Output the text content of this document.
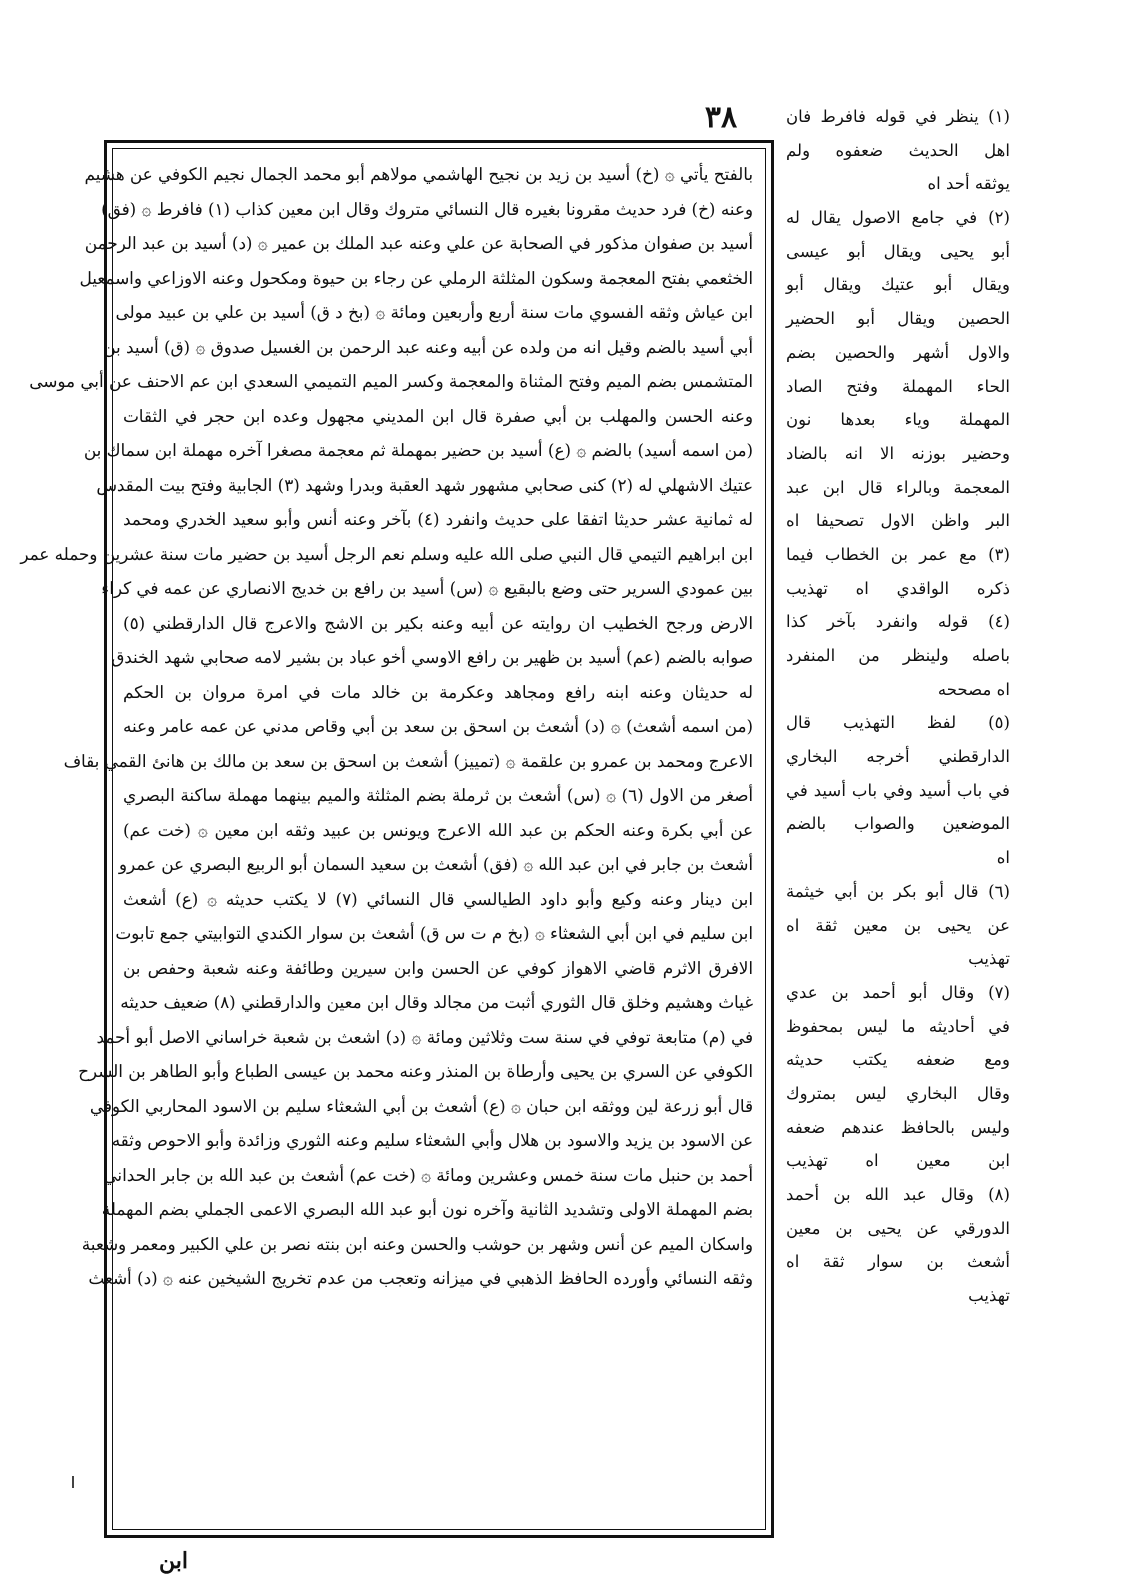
٣٨
بالفتح يأتي ۞ (خ) أسيد بن زيد بن نجيح الهاشمي مولاهم أبو محمد الجمال نجيم الكوفي عن هشيم
وعنه (خ) فرد حديث مقرونا بغيره قال النسائي متروك وقال ابن معين كذاب (١) فافرط ۞ (فق)
أسيد بن صفوان مذكور في الصحابة عن علي وعنه عبد الملك بن عمير ۞ (د) أسيد بن عبد الرحمن
الخثعمي بفتح المعجمة وسكون المثلثة الرملي عن رجاء بن حيوة ومكحول وعنه الاوزاعي واسمعيل
ابن عياش وثقه الفسوي مات سنة أربع وأربعين ومائة ۞ (بخ د ق) أسيد بن علي بن عبيد مولى
أبي أسيد بالضم وقيل انه من ولده عن أبيه وعنه عبد الرحمن بن الغسيل صدوق ۞ (ق) أسيد بن
المتشمس بضم الميم وفتح المثناة والمعجمة وكسر الميم التميمي السعدي ابن عم الاحنف عن أبي موسى
وعنه الحسن والمهلب بن أبي صفرة قال ابن المديني مجهول وعده ابن حجر في الثقات
(من اسمه أسيد) بالضم ۞ (ع) أسيد بن حضير بمهملة ثم معجمة مصغرا آخره مهملة ابن سماك بن
عتيك الاشهلي له (٢) كنى صحابي مشهور شهد العقبة وبدرا وشهد (٣) الجابية وفتح بيت المقدس
له ثمانية عشر حديثا اتفقا على حديث وانفرد (٤) بآخر وعنه أنس وأبو سعيد الخدري ومحمد
ابن ابراهيم التيمي قال النبي صلى الله عليه وسلم نعم الرجل أسيد بن حضير مات سنة عشرين وحمله عمر
بين عمودي السرير حتى وضع بالبقيع ۞ (س) أسيد بن رافع بن خديج الانصاري عن عمه في كراء
الارض ورجح الخطيب ان روايته عن أبيه وعنه بكير بن الاشج والاعرج قال الدارقطني (٥)
صوابه بالضم (عم) أسيد بن ظهير بن رافع الاوسي أخو عباد بن بشير لامه صحابي شهد الخندق
له حديثان وعنه ابنه رافع ومجاهد وعكرمة بن خالد مات في امرة مروان بن الحكم
(من اسمه أشعث) ۞ (د) أشعث بن اسحق بن سعد بن أبي وقاص مدني عن عمه عامر وعنه
الاعرج ومحمد بن عمرو بن علقمة ۞ (تمييز) أشعث بن اسحق بن سعد بن مالك بن هانئ القمي بقاف
أصغر من الاول (٦) ۞ (س) أشعث بن ثرملة بضم المثلثة والميم بينهما مهملة ساكنة البصري
عن أبي بكرة وعنه الحكم بن عبد الله الاعرج ويونس بن عبيد وثقه ابن معين ۞ (خت عم)
أشعث بن جابر في ابن عبد الله ۞ (فق) أشعث بن سعيد السمان أبو الربيع البصري عن عمرو
ابن دينار وعنه وكيع وأبو داود الطيالسي قال النسائي (٧) لا يكتب حديثه ۞ (ع) أشعث
ابن سليم في ابن أبي الشعثاء ۞ (بخ م ت س ق) أشعث بن سوار الكندي التوابيتي جمع تابوت
الافرق الاثرم قاضي الاهواز كوفي عن الحسن وابن سيرين وطائفة وعنه شعبة وحفص بن
غياث وهشيم وخلق قال الثوري أثبت من مجالد وقال ابن معين والدارقطني (٨) ضعيف حديثه
في (م) متابعة توفي في سنة ست وثلاثين ومائة ۞ (د) اشعث بن شعبة خراساني الاصل أبو أحمد
الكوفي عن السري بن يحيى وأرطاة بن المنذر وعنه محمد بن عيسى الطباع وأبو الطاهر بن السرح
قال أبو زرعة لين ووثقه ابن حبان ۞ (ع) أشعث بن أبي الشعثاء سليم بن الاسود المحاربي الكوفي
عن الاسود بن يزيد والاسود بن هلال وأبي الشعثاء سليم وعنه الثوري وزائدة وأبو الاحوص وثقه
أحمد بن حنبل مات سنة خمس وعشرين ومائة ۞ (خت عم) أشعث بن عبد الله بن جابر الحداني
بضم المهملة الاولى وتشديد الثانية وآخره نون أبو عبد الله البصري الاعمى الجملي بضم المهملة
واسكان الميم عن أنس وشهر بن حوشب والحسن وعنه ابن بنته نصر بن علي الكبير ومعمر وشعبة
وثقه النسائي وأورده الحافظ الذهبي في ميزانه وتعجب من عدم تخريج الشيخين عنه ۞ (د) أشعث
(١) ينظر في قوله فافرط فان
اهل الحديث ضعفوه ولم
يوثقه أحد اه
(٢) في جامع الاصول يقال له
أبو يحيى ويقال أبو عيسى
ويقال أبو عتيك ويقال أبو
الحصين ويقال أبو الحضير
والاول أشهر والحصين بضم
الحاء المهملة وفتح الصاد
المهملة وياء بعدها نون
وحضير بوزنه الا انه بالضاد
المعجمة وبالراء قال ابن عبد
البر واظن الاول تصحيفا اه
(٣) مع عمر بن الخطاب فيما
ذكره الواقدي اه تهذيب
(٤) قوله وانفرد بآخر كذا
باصله ولينظر من المنفرد
اه مصححه
(٥) لفظ التهذيب قال
الدارقطني أخرجه البخاري
في باب أسيد وفي باب أسيد في
الموضعين والصواب بالضم
اه
(٦) قال أبو بكر بن أبي خيثمة
عن يحيى بن معين ثقة اه
تهذيب
(٧) وقال أبو أحمد بن عدي
في أحاديثه ما ليس بمحفوظ
ومع ضعفه يكتب حديثه
وقال البخاري ليس بمتروك
وليس بالحافظ عندهم ضعفه
ابن معين اه تهذيب
(٨) وقال عبد الله بن أحمد
الدورقي عن يحيى بن معين
أشعث بن سوار ثقة اه
تهذيب
ابن
